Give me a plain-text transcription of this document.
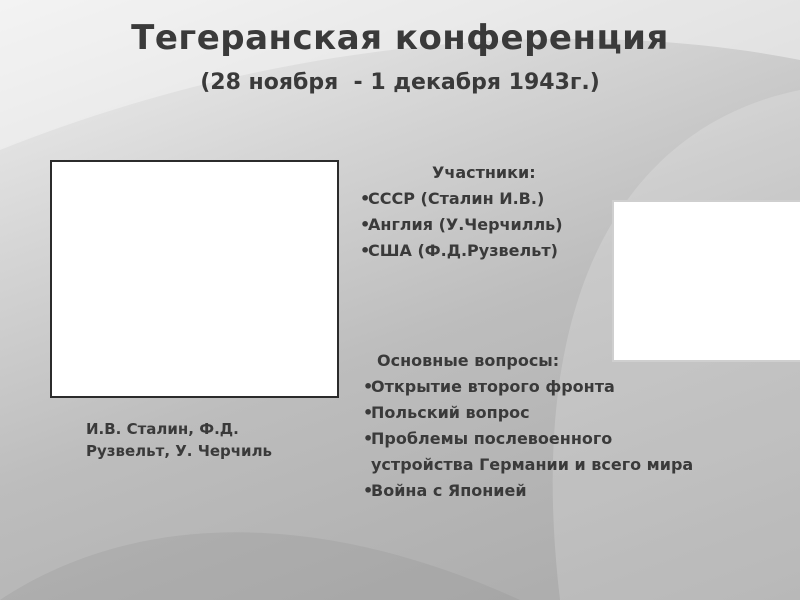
Тегеранская конференция
(28 ноября  - 1 декабря 1943г.)
И.В. Сталин, Ф.Д. Рузвельт, У. Черчиль
Участники:
•
СССР (Сталин И.В.)
•
Англия (У.Черчилль)
•
США (Ф.Д.Рузвельт)
Основные вопросы:
•
Открытие второго фронта
•
Польский вопрос
•
Проблемы послевоенного устройства Германии и всего мира
•
Война с Японией
